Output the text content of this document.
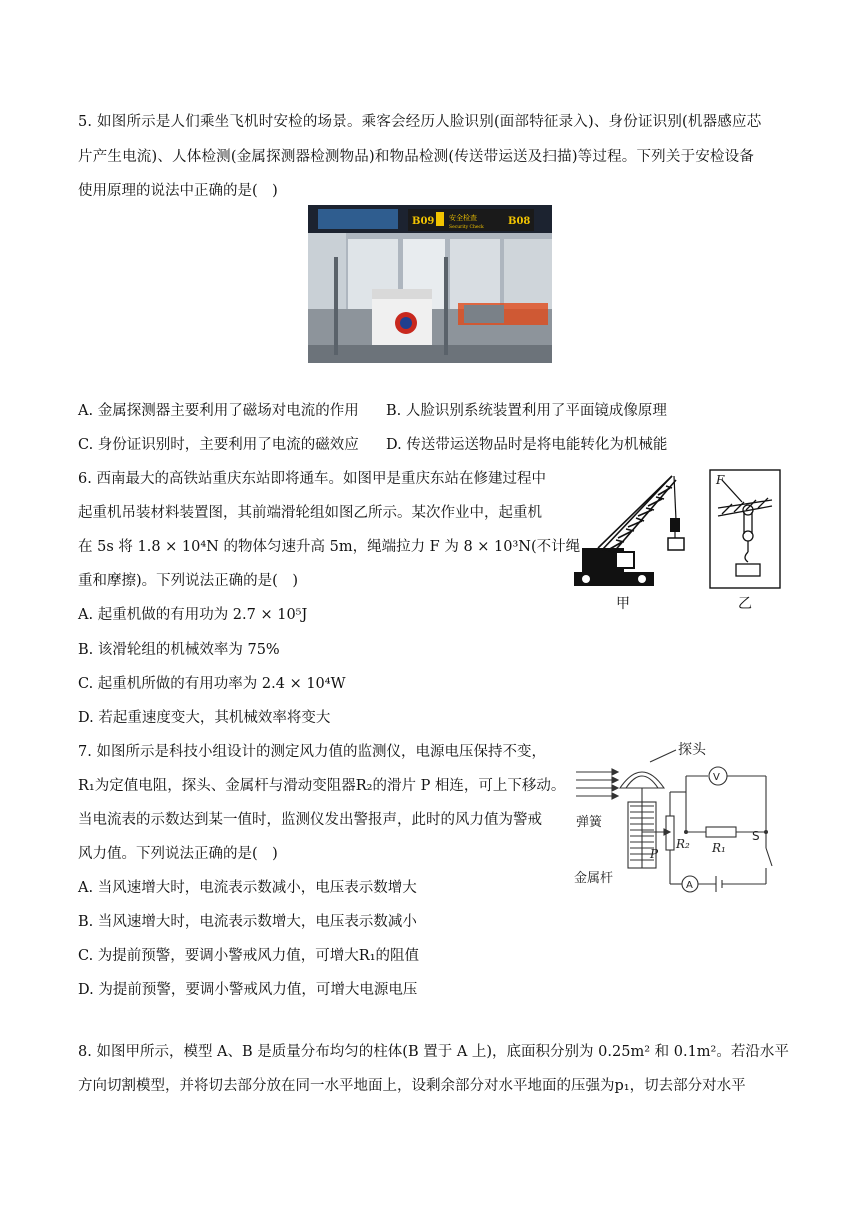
5. 如图所示是人们乘坐飞机时安检的场景。乘客会经历人脸识别(面部特征录入)、身份证识别(机器感应芯
片产生电流)、人体检测(金属探测器检测物品)和物品检测(传送带运送及扫描)等过程。下列关于安检设备
使用原理的说法中正确的是(　)
B09 安全检查
Security Check
B08
A. 金属探测器主要利用了磁场对电流的作用 B. 人脸识别系统装置利用了平面镜成像原理
C. 身份证识别时，主要利用了电流的磁效应 D. 传送带运送物品时是将电能转化为机械能
6. 西南最大的高铁站重庆东站即将通车。如图甲是重庆东站在修建过程中
起重机吊装材料装置图，其前端滑轮组如图乙所示。某次作业中，起重机
在 5s 将 1.8 × 10⁴N 的物体匀速升高 5m，绳端拉力 F 为 8 × 10³N(不计绳
重和摩擦)。下列说法正确的是(　)
A. 起重机做的有用功为 2.7 × 10⁵J
B. 该滑轮组的机械效率为 75%
C. 起重机所做的有用功率为 2.4 × 10⁴W
D. 若起重速度变大，其机械效率将变大
甲
F
乙
7. 如图所示是科技小组设计的测定风力值的监测仪，电源电压保持不变，
R₁为定值电阻，探头、金属杆与滑动变阻器R₂的滑片 P 相连，可上下移动。
当电流表的示数达到某一值时，监测仪发出警报声，此时的风力值为警戒
风力值。下列说法正确的是(　)
A. 当风速增大时，电流表示数减小，电压表示数增大
B. 当风速增大时，电流表示数增大，电压表示数减小
C. 为提前预警，要调小警戒风力值，可增大R₁的阻值
D. 为提前预警，要调小警戒风力值，可增大电源电压
探头
弹簧
金属杆
V
A
R₁
R₂
P
S
8. 如图甲所示，模型 A、B 是质量分布均匀的柱体(B 置于 A 上)，底面积分别为 0.25m² 和 0.1m²。若沿水平
方向切割模型，并将切去部分放在同一水平地面上，设剩余部分对水平地面的压强为p₁，切去部分对水平
